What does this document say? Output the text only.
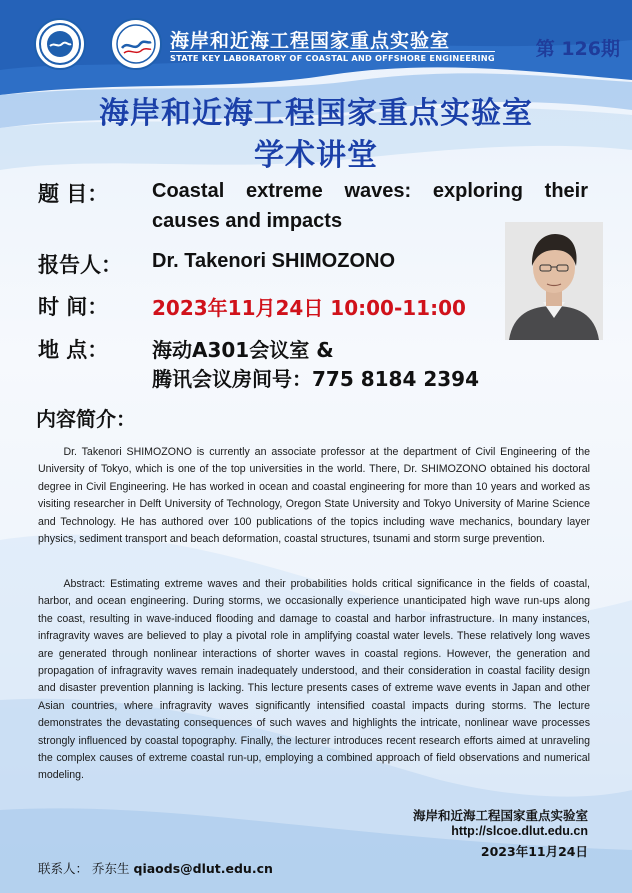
海岸和近海工程国家重点实验室
STATE KEY LABORATORY OF COASTAL AND OFFSHORE ENGINEERING 第 126期
海岸和近海工程国家重点实验室
学术讲堂
题 目： Coastal extreme waves: exploring their causes and impacts
报告人： Dr. Takenori SHIMOZONO
时 间： 2023年11月24日 10:00-11:00
地 点： 海动A301会议室 &
腾讯会议房间号：775 8184 2394
内容简介：
Dr. Takenori SHIMOZONO is currently an associate professor at the department of Civil Engineering of the University of Tokyo, which is one of the top universities in the world. There, Dr. SHIMOZONO obtained his doctoral degree in Civil Engineering. He has worked in ocean and coastal engineering for more than 10 years and worked as visiting researcher in Delft University of Technology, Oregon State University and Tokyo University of Marine Science and Technology. He has authored over 100 publications of the topics including wave mechanics, boundary layer physics, sediment transport and beach deformation, coastal structures, tsunami and storm surge prevention.
Abstract: Estimating extreme waves and their probabilities holds critical significance in the fields of coastal, harbor, and ocean engineering. During storms, we occasionally experience unanticipated high wave run-ups along the coast, resulting in wave-induced flooding and damage to coastal and harbor infrastructure. In many instances, infragravity waves are believed to play a pivotal role in amplifying coastal water levels. These relatively long waves are generated through nonlinear interactions of shorter waves in coastal regions. However, the generation and propagation of infragravity waves remain inadequately understood, and their consideration in coastal facility design and disaster prevention planning is lacking. This lecture presents cases of extreme wave events in Japan and other Asian countries, where infragravity waves significantly intensified coastal impacts during storms. The lecture demonstrates the devastating consequences of such waves and highlights the intricate, nonlinear wave processes strongly influenced by coastal topography. Finally, the lecturer introduces recent research efforts aimed at unraveling the complex causes of extreme coastal run-up, employing a combined approach of field observations and numerical modeling.
海岸和近海工程国家重点实验室
http://slcoe.dlut.edu.cn
2023年11月24日
联系人： 乔东生 qiaods@dlut.edu.cn
